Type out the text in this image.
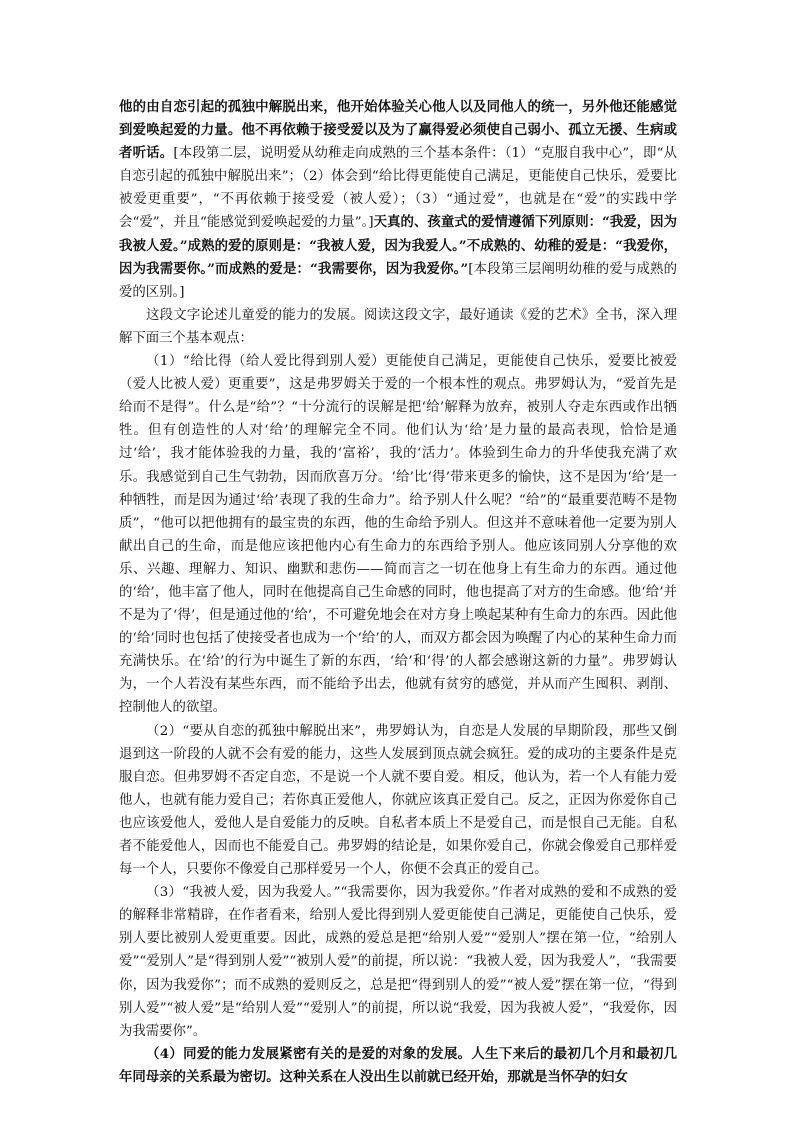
他的由自恋引起的孤独中解脱出来，他开始体验关心他人以及同他人的统一，另外他还能感觉到爱唤起爱的力量。他不再依赖于接受爱以及为了赢得爱必须使自己弱小、孤立无援、生病或者听话。[本段第二层，说明爱从幼稚走向成熟的三个基本条件：（1）“克服自我中心”，即“从自恋引起的孤独中解脱出来”；（2）体会到“给比得更能使自己满足，更能使自己快乐，爱要比被爱更重要”，“不再依赖于接受爱（被人爱）；（3）“通过爱”，也就是在“爱”的实践中学会“爱”，并且“能感觉到爱唤起爱的力量”。]天真的、孩童式的爱情遵循下列原则：“我爱，因为我被人爱。”成熟的爱的原则是：“我被人爱，因为我爱人。”不成熟的、幼稚的爱是：“我爱你，因为我需要你。”而成熟的爱是：“我需要你，因为我爱你。”[本段第三层阐明幼稚的爱与成熟的爱的区别。]

这段文字论述儿童爱的能力的发展。阅读这段文字，最好通读《爱的艺术》全书，深入理解下面三个基本观点：

（1）“给比得（给人爱比得到别人爱）更能使自己满足，更能使自己快乐，爱要比被爱（爱人比被人爱）更重要”，这是弗罗姆关于爱的一个根本性的观点。弗罗姆认为，“爱首先是给而不是得”。什么是“给”？“十分流行的误解是把‘给’解释为放弃，被别人夺走东西或作出牺牲。但有创造性的人对‘给’的理解完全不同。他们认为‘给’是力量的最高表现，恰恰是通过‘给’，我才能体验我的力量，我的‘富裕’，我的‘活力’。体验到生命力的升华使我充满了欢乐。我感觉到自己生气勃勃，因而欣喜万分。‘给’比‘得’带来更多的愉快，这不是因为‘给’是一种牺牲，而是因为通过‘给’表现了我的生命力”。给予别人什么呢？“给”的“最重要范畴不是物质”，“他可以把他拥有的最宝贵的东西，他的生命给予别人。但这并不意味着他一定要为别人献出自己的生命，而是他应该把他内心有生命力的东西给予别人。他应该同别人分享他的欢乐、兴趣、理解力、知识、幽默和悲伤——简而言之一切在他身上有生命力的东西。通过他的‘给’，他丰富了他人，同时在他提高自己生命感的同时，他也提高了对方的生命感。他‘给’并不是为了‘得’，但是通过他的‘给’，不可避免地会在对方身上唤起某种有生命力的东西。因此他的‘给’同时也包括了使接受者也成为一个‘给’的人，而双方都会因为唤醒了内心的某种生命力而充满快乐。在‘给’的行为中诞生了新的东西，‘给’和‘得’的人都会感谢这新的力量”。弗罗姆认为，一个人若没有某些东西，而不能给予出去，他就有贫穷的感觉，并从而产生囤积、剥削、控制他人的欲望。

（2）“要从自恋的孤独中解脱出来”，弗罗姆认为，自恋是人发展的早期阶段，那些又倒退到这一阶段的人就不会有爱的能力，这些人发展到顶点就会疯狂。爱的成功的主要条件是克服自恋。但弗罗姆不否定自恋，不是说一个人就不要自爱。相反，他认为，若一个人有能力爱他人，也就有能力爱自己；若你真正爱他人，你就应该真正爱自己。反之，正因为你爱你自己也应该爱他人，爱他人是自爱能力的反映。自私者本质上不是爱自己，而是恨自己无能。自私者不能爱他人，因而也不能爱自己。弗罗姆的结论是，如果你爱自己，你就会像爱自己那样爱每一个人，只要你不像爱自己那样爱另一个人，你便不会真正的爱自己。

（3）“我被人爱，因为我爱人。”“我需要你，因为我爱你。”作者对成熟的爱和不成熟的爱的解释非常精辟，在作者看来，给别人爱比得到别人爱更能使自己满足，更能使自己快乐，爱别人要比被别人爱更重要。因此，成熟的爱总是把“给别人爱”“爱别人”摆在第一位，“给别人爱”“爱别人”是“得到别人爱”“被别人爱”的前提，所以说：“我被人爱，因为我爱人”，“我需要你，因为我爱你”；而不成熟的爱则反之，总是把“得到别人的爱”“被人爱”摆在第一位，“得到别人爱”“被人爱”是“给别人爱”“爱别人”的前提，所以说“我爱，因为我被人爱”，“我爱你，因为我需要你”。

（4）同爱的能力发展紧密有关的是爱的对象的发展。人生下来后的最初几个月和最初几年同母亲的关系最为密切。这种关系在人没出生以前就已经开始，那就是当怀孕的妇女
